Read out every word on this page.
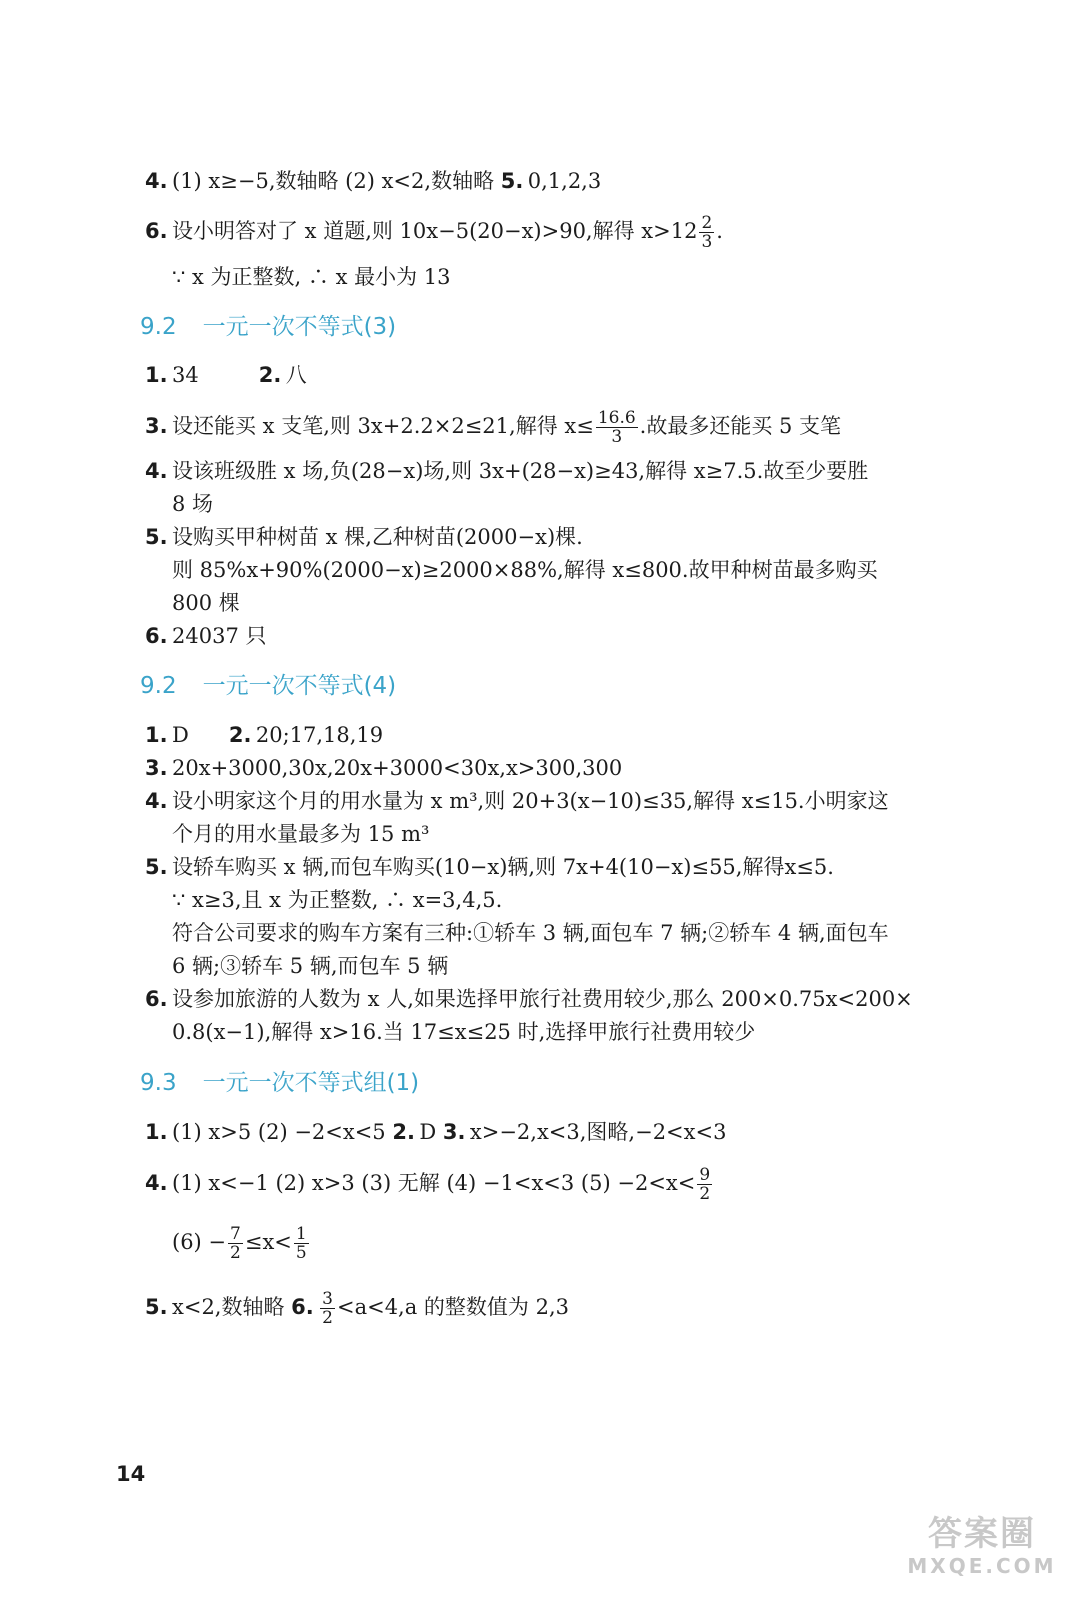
4. (1) x≥−5,数轴略 (2) x<2,数轴略 5. 0,1,2,3
6. 设小明答对了 x 道题,则 10x−5(20−x)>90,解得 $x>12 \frac{2}{3}$ .
∵ x 为正整数, ∴ x 最小为 13
9.2 一元一次不等式(3)
1. 34	2. 八
3. 设还能买 x 支笔,则 3x+2.2×2≤21,解得 $x\le \frac{16.6}{3}$ .故最多还能买 5 支笔
4. 设该班级胜 x 场,负(28−x)场,则 3x+(28−x)≥43,解得 x≥7.5.故至少要胜
8 场
5. 设购买甲种树苗 x 棵,乙种树苗(2000−x)棵.
则 85%x+90%(2000−x)≥2000×88%,解得 x≤800.故甲种树苗最多购买
800 棵
6. 24037 只
9.2 一元一次不等式(4)
1. D 2. 20;17,18,19
3. 20x+3000,30x,20x+3000<30x,x>300,300
4. 设小明家这个月的用水量为 x m³,则 20+3(x−10)≤35,解得 x≤15.小明家这
个月的用水量最多为 15 m³
5. 设轿车购买 x 辆,而包车购买(10−x)辆,则 7x+4(10−x)≤55,解得x≤5.
∵ x≥3,且 x 为正整数, ∴ x=3,4,5.
符合公司要求的购车方案有三种:①轿车 3 辆,面包车 7 辆;②轿车 4 辆,面包车
6 辆;③轿车 5 辆,而包车 5 辆
6. 设参加旅游的人数为 x 人,如果选择甲旅行社费用较少,那么 200×0.75x<200×
0.8(x−1),解得 x>16.当 17≤x≤25 时,选择甲旅行社费用较少
9.3 一元一次不等式组(1)
1. (1) x>5 (2) −2<x<5 2. D 3. x>−2,x<3,图略,−2<x<3
4. (1) x<−1 (2) x>3 (3) 无解 (4) −1<x<3 $(5) -2<x< \frac{9}{2}$
$(6) - \frac{7}{2} \le x< \frac{1}{5}$
5. x<2,数轴略 6. $\frac{3}{2} <a<4,a$ 的整数值为 2,3
14
答案圈
MXQE.COM
